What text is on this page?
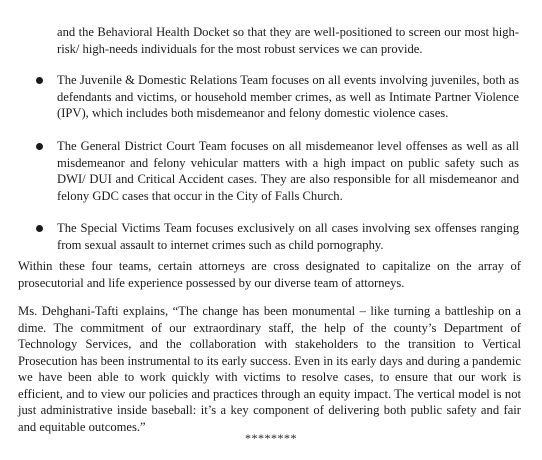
and the Behavioral Health Docket so that they are well-positioned to screen our most high-risk/ high-needs individuals for the most robust services we can provide.

The Juvenile & Domestic Relations Team focuses on all events involving juveniles, both as defendants and victims, or household member crimes, as well as Intimate Partner Violence (IPV), which includes both misdemeanor and felony domestic violence cases.

The General District Court Team focuses on all misdemeanor level offenses as well as all misdemeanor and felony vehicular matters with a high impact on public safety such as DWI/ DUI and Critical Accident cases. They are also responsible for all misdemeanor and felony GDC cases that occur in the City of Falls Church.

The Special Victims Team focuses exclusively on all cases involving sex offenses ranging from sexual assault to internet crimes such as child pornography.

Within these four teams, certain attorneys are cross designated to capitalize on the array of prosecutorial and life experience possessed by our diverse team of attorneys.

Ms. Dehghani-Tafti explains, “The change has been monumental – like turning a battleship on a dime. The commitment of our extraordinary staff, the help of the county’s Department of Technology Services, and the collaboration with stakeholders to the transition to Vertical Prosecution has been instrumental to its early success. Even in its early days and during a pandemic we have been able to work quickly with victims to resolve cases, to ensure that our work is efficient, and to view our policies and practices through an equity impact. The vertical model is not just administrative inside baseball: it’s a key component of delivering both public safety and fair and equitable outcomes.”

********
